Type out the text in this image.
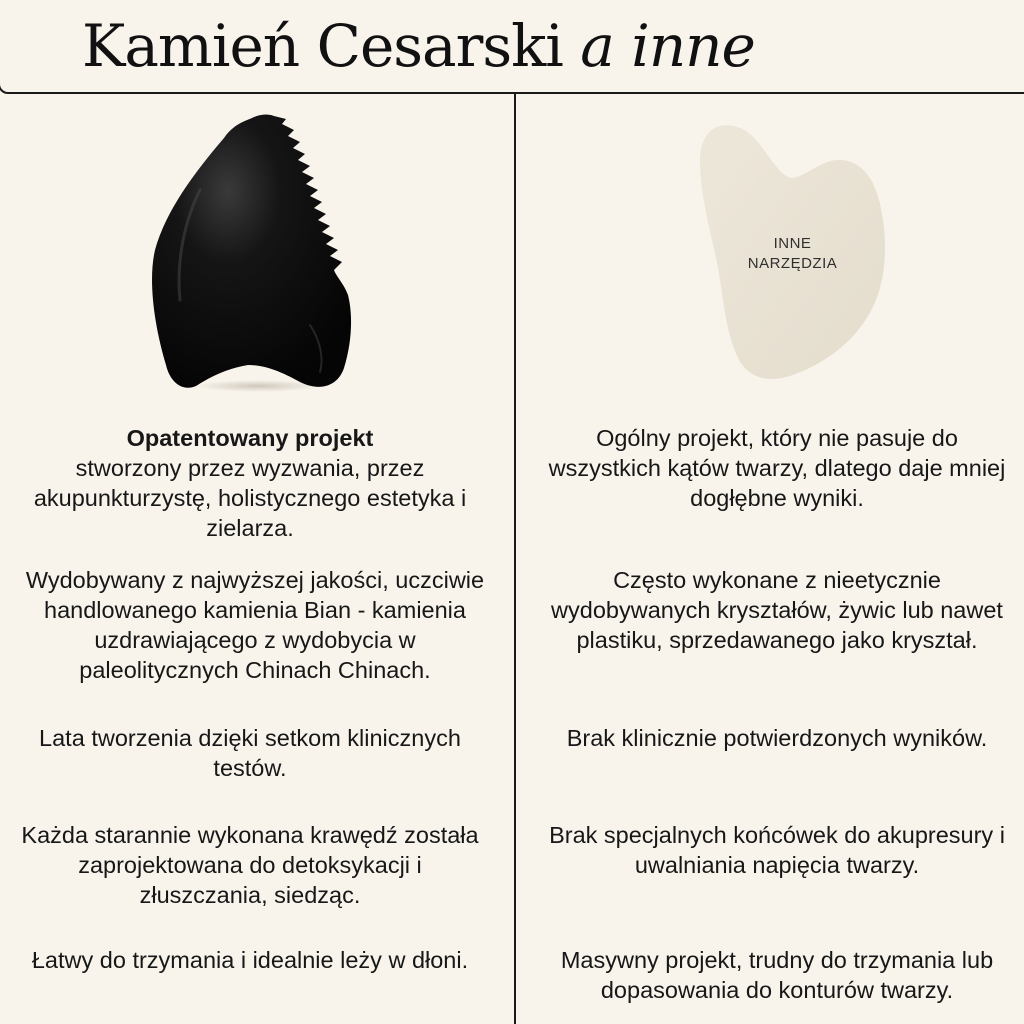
Kamień Cesarski a inne
INNE
NARZĘDZIA

Opatentowany projekt
stworzony przez wyzwania, przez akupunkturzystę, holistycznego estetyka i zielarza.

Wydobywany z najwyższej jakości, uczciwie handlowanego kamienia Bian - kamienia uzdrawiającego z wydobycia w paleolitycznych Chinach Chinach.

Lata tworzenia dzięki setkom klinicznych testów.

Każda starannie wykonana krawędź została zaprojektowana do detoksykacji i złuszczania, siedząc.

Łatwy do trzymania i idealnie leży w dłoni.

Ogólny projekt, który nie pasuje do wszystkich kątów twarzy, dlatego daje mniej dogłębne wyniki.

Często wykonane z nieetycznie wydobywanych kryształów, żywic lub nawet plastiku, sprzedawanego jako kryształ.

Brak klinicznie potwierdzonych wyników.

Brak specjalnych końcówek do akupresury i uwalniania napięcia twarzy.

Masywny projekt, trudny do trzymania lub dopasowania do konturów twarzy.
